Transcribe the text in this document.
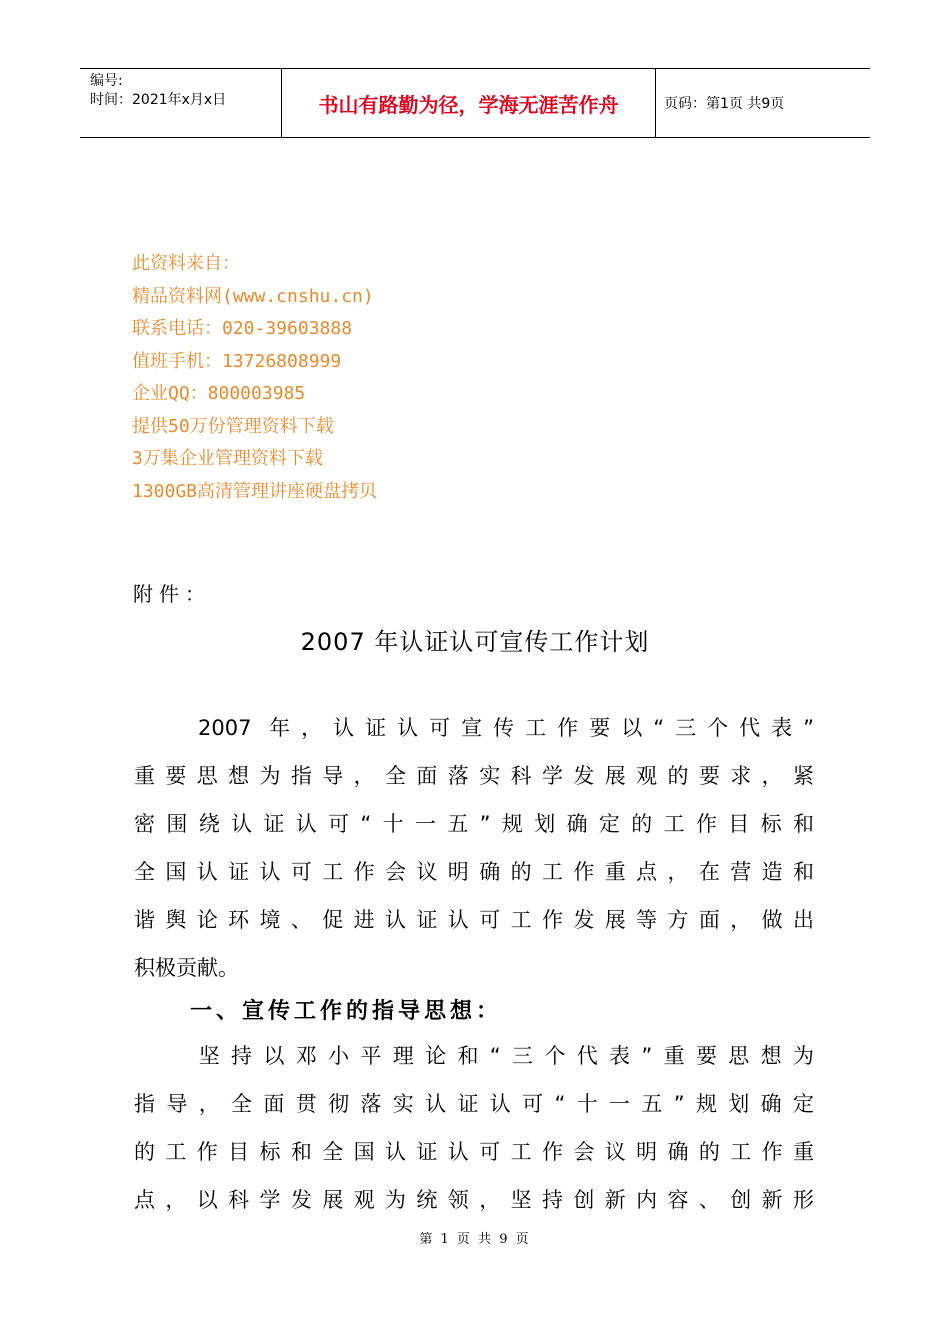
编号:
时间：2021年x月x日	书山有路勤为径，学海无涯苦作舟	页码：第1页 共9页
此资料来自：
精品资料网(www.cnshu.cn)
联系电话：020-39603888
值班手机：13726808999
企业QQ：800003985
提供50万份管理资料下载
3万集企业管理资料下载
1300GB高清管理讲座硬盘拷贝
附件：
2007 年认证认可宣传工作计划
　　2007 年，认证认可宣传工作要以“三个代表”
重要思想为指导，全面落实科学发展观的要求，紧
密围绕认证认可“十一五”规划确定的工作目标和
全国认证认可工作会议明确的工作重点，在营造和
谐舆论环境、促进认证认可工作发展等方面，做出
积极贡献。
一、宣传工作的指导思想：
　　坚持以邓小平理论和“三个代表”重要思想为
指导，全面贯彻落实认证认可“十一五”规划确定
的工作目标和全国认证认可工作会议明确的工作重
点，以科学发展观为统领，坚持创新内容、创新形
第 1 页 共 9 页
